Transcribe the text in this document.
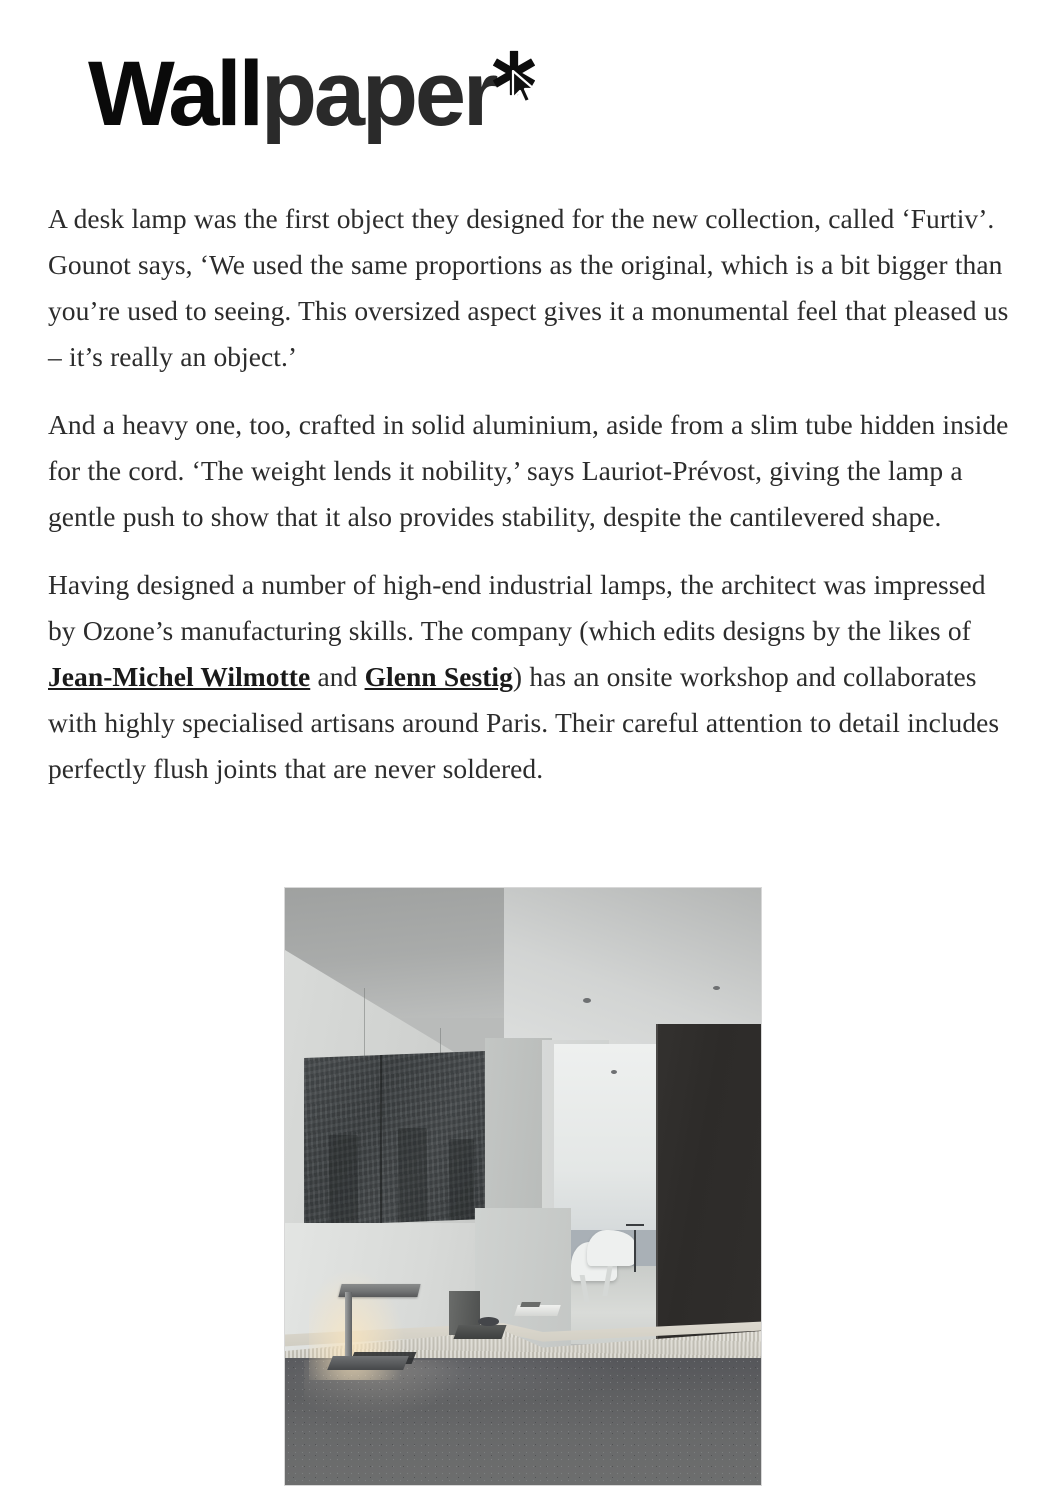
Wallpaper

A desk lamp was the first object they designed for the new collection, called ‘Furtiv’. Gounot says, ‘We used the same proportions as the original, which is a bit bigger than you’re used to seeing. This oversized aspect gives it a monumental feel that pleased us – it’s really an object.’

And a heavy one, too, crafted in solid aluminium, aside from a slim tube hidden inside for the cord. ‘The weight lends it nobility,’ says Lauriot-Prévost, giving the lamp a gentle push to show that it also provides stability, despite the cantilevered shape.

Having designed a number of high-end industrial lamps, the architect was impressed by Ozone’s manufacturing skills. The company (which edits designs by the likes of Jean-Michel Wilmotte and Glenn Sestig) has an onsite workshop and collaborates with highly specialised artisans around Paris. Their careful attention to detail includes perfectly flush joints that are never soldered.
